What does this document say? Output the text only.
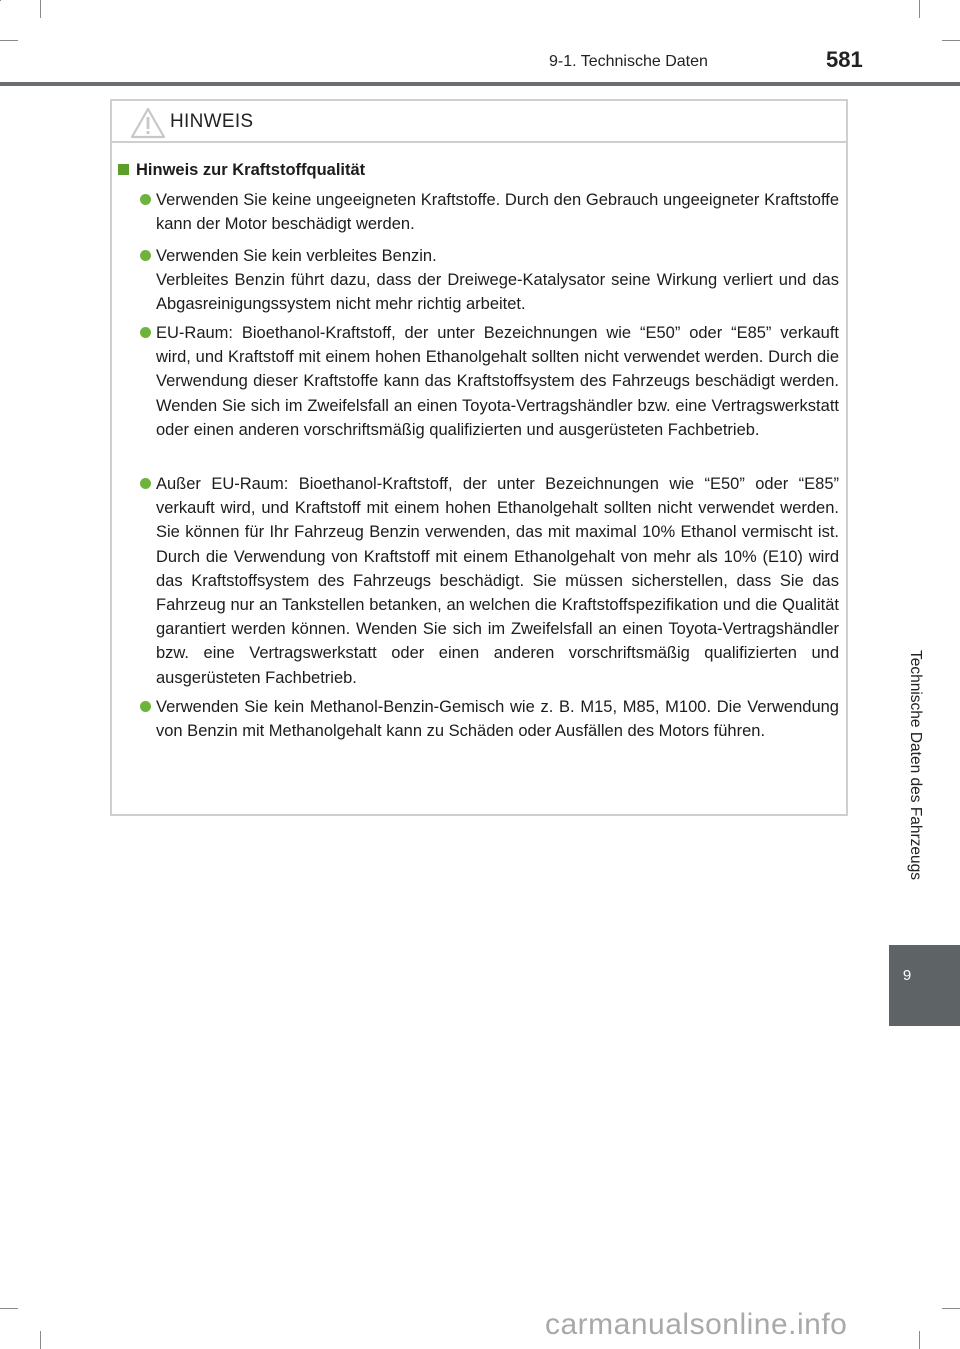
9-1. Technische Daten	581
Technische Daten des Fahrzeugs
9
HINWEIS
Hinweis zur Kraftstoffqualität
Verwenden Sie keine ungeeigneten Kraftstoffe. Durch den Gebrauch ungeeigneter Kraftstoffe kann der Motor beschädigt werden.
Verwenden Sie kein verbleites Benzin.
Verbleites Benzin führt dazu, dass der Dreiwege-Katalysator seine Wirkung verliert und das Abgasreinigungssystem nicht mehr richtig arbeitet.
EU-Raum: Bioethanol-Kraftstoff, der unter Bezeichnungen wie “E50” oder “E85” verkauft wird, und Kraftstoff mit einem hohen Ethanolgehalt sollten nicht verwendet werden. Durch die Verwendung dieser Kraftstoffe kann das Kraftstoffsystem des Fahrzeugs beschädigt werden. Wenden Sie sich im Zweifelsfall an einen Toyota-Vertragshändler bzw. eine Vertragswerkstatt oder einen anderen vorschriftsmäßig qualifizierten und ausgerüsteten Fachbetrieb.
Außer EU-Raum: Bioethanol-Kraftstoff, der unter Bezeichnungen wie “E50” oder “E85” verkauft wird, und Kraftstoff mit einem hohen Ethanolgehalt sollten nicht verwendet werden. Sie können für Ihr Fahrzeug Benzin verwenden, das mit maximal 10% Ethanol vermischt ist. Durch die Verwendung von Kraftstoff mit einem Ethanolgehalt von mehr als 10% (E10) wird das Kraftstoffsystem des Fahrzeugs beschädigt. Sie müssen sicherstellen, dass Sie das Fahrzeug nur an Tankstellen betanken, an welchen die Kraftstoffspezifikation und die Qualität garantiert werden können. Wenden Sie sich im Zweifelsfall an einen Toyota-Vertragshändler bzw. eine Vertragswerkstatt oder einen anderen vorschriftsmäßig qualifizierten und ausgerüsteten Fachbetrieb.
Verwenden Sie kein Methanol-Benzin-Gemisch wie z. B. M15, M85, M100. Die Verwendung von Benzin mit Methanolgehalt kann zu Schäden oder Ausfällen des Motors führen.
carmanualsonline.info
